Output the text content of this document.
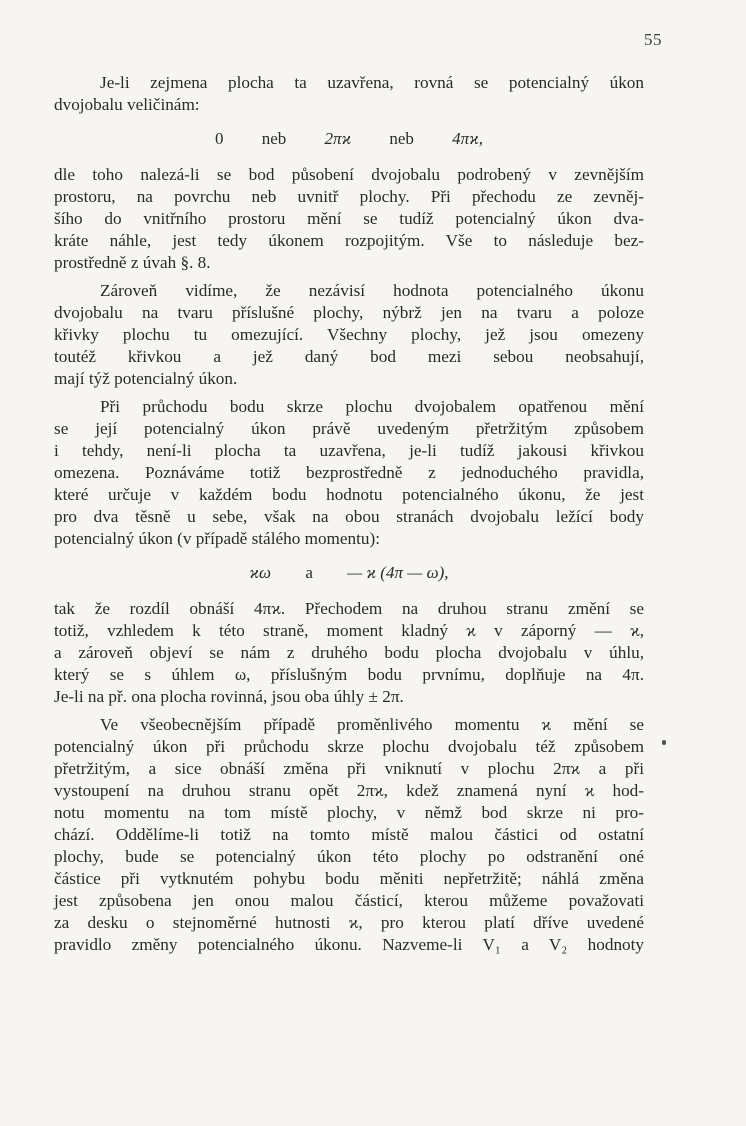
55

Je-li zejmena plocha ta uzavřena, rovná se potencialný úkon
dvojobalu veličinám:

0 neb 2πϰ neb 4πϰ,

dle toho nalezá-li se bod působení dvojobalu podrobený v zevnějším
prostoru, na povrchu neb uvnitř plochy. Při přechodu ze zevněj-
šího do vnitřního prostoru mění se tudíž potencialný úkon dva-
kráte náhle, jest tedy úkonem rozpojitým. Vše to následuje bez-
prostředně z úvah §. 8.

Zároveň vidíme, že nezávisí hodnota potencialného úkonu
dvojobalu na tvaru příslušné plochy, nýbrž jen na tvaru a poloze
křivky plochu tu omezující. Všechny plochy, jež jsou omezeny
toutéž křivkou a jež daný bod mezi sebou neobsahují,
mají týž potencialný úkon.

Při průchodu bodu skrze plochu dvojobalem opatřenou mění
se její potencialný úkon právě uvedeným přetržitým způsobem
i tehdy, není-li plocha ta uzavřena, je-li tudíž jakousi křivkou
omezena. Poznáváme totiž bezprostředně z jednoduchého pravidla,
které určuje v každém bodu hodnotu potencialného úkonu, že jest
pro dva těsně u sebe, však na obou stranách dvojobalu ležící body
potencialný úkon (v případě stálého momentu):

ϰω a — ϰ (4π — ω),

tak že rozdíl obnáší 4πϰ. Přechodem na druhou stranu změní se
totiž, vzhledem k této straně, moment kladný ϰ v záporný — ϰ,
a zároveň objeví se nám z druhého bodu plocha dvojobalu v úhlu,
který se s úhlem ω, příslušným bodu prvnímu, doplňuje na 4π.
Je-li na př. ona plocha rovinná, jsou oba úhly ± 2π.

Ve všeobecnějším případě proměnlivého momentu ϰ mění se
potencialný úkon při průchodu skrze plochu dvojobalu též způsobem
přetržitým, a sice obnáší změna při vniknutí v plochu 2πϰ a při
vystoupení na druhou stranu opět 2πϰ, kdež znamená nyní ϰ hod-
notu momentu na tom místě plochy, v němž bod skrze ni pro-
chází. Oddělíme-li totiž na tomto místě malou částici od ostatní
plochy, bude se potencialný úkon této plochy po odstranění oné
částice při vytknutém pohybu bodu měniti nepřetržitě; náhlá změna
jest způsobena jen onou malou částicí, kterou můžeme považovati
za desku o stejnoměrné hutnosti ϰ, pro kterou platí dříve uvedené
pravidlo změny potencialného úkonu. Nazveme-li V₁ a V₂ hodnoty
